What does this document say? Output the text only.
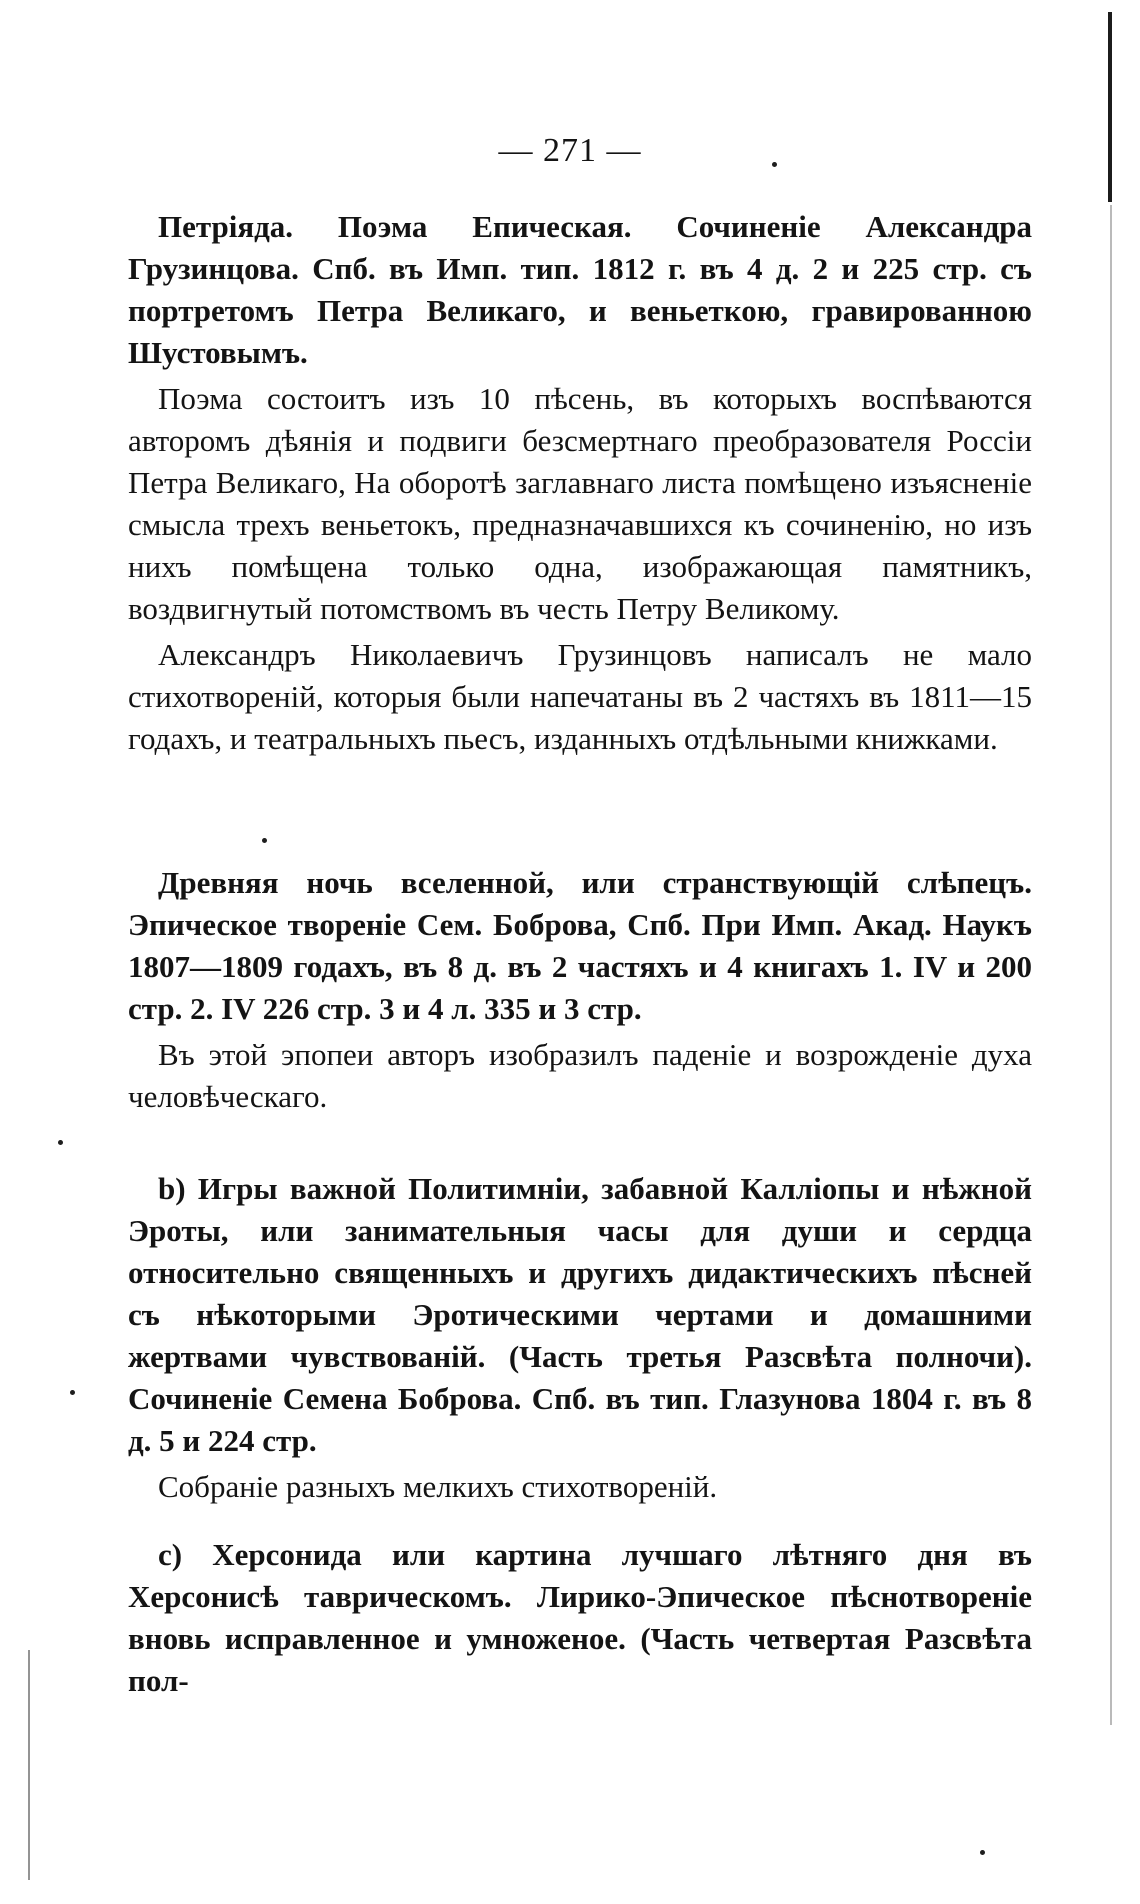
— 271 —

Петріяда. Поэма Епическая. Сочиненіе Александра Грузинцова. Спб. въ Имп. тип. 1812 г. въ 4 д. 2 и 225 стр. съ портретомъ Петра Великаго, и веньеткою, гравированною Шустовымъ.

Поэма состоитъ изъ 10 пѣсень, въ которыхъ воспѣваются авторомъ дѣянія и подвиги безсмертнаго преобразователя Россіи Петра Великаго, На оборотѣ заглавнаго листа помѣщено изъясненіе смысла трехъ веньетокъ, предназначавшихся къ сочиненію, но изъ нихъ помѣщена только одна, изображающая памятникъ, воздвигнутый потомствомъ въ честь Петру Великому.

Александръ Николаевичъ Грузинцовъ написалъ не мало стихотвореній, которыя были напечатаны въ 2 частяхъ въ 1811—15 годахъ, и театральныхъ пьесъ, изданныхъ отдѣльными книжками.

Древняя ночь вселенной, или странствующій слѣпецъ. Эпическое твореніе Сем. Боброва, Спб. При Имп. Акад. Наукъ 1807—1809 годахъ, въ 8 д. въ 2 частяхъ и 4 книгахъ 1. IV и 200 стр. 2. IV 226 стр. 3 и 4 л. 335 и 3 стр.

Въ этой эпопеи авторъ изобразилъ паденіе и возрожденіе духа человѣческаго.

b) Игры важной Политимніи, забавной Калліопы и нѣжной Эроты, или занимательныя часы для души и сердца относительно священныхъ и другихъ дидактическихъ пѣсней съ нѣкоторыми Эротическими чертами и домашними жертвами чувствованій. (Часть третья Разсвѣта полночи). Сочиненіе Семена Боброва. Спб. въ тип. Глазунова 1804 г. въ 8 д. 5 и 224 стр.

Собраніе разныхъ мелкихъ стихотвореній.

c) Херсонида или картина лучшаго лѣтняго дня въ Херсонисѣ таврическомъ. Лирико-Эпическое пѣснотвореніе вновь исправленное и умноженое. (Часть четвертая Разсвѣта пол-
